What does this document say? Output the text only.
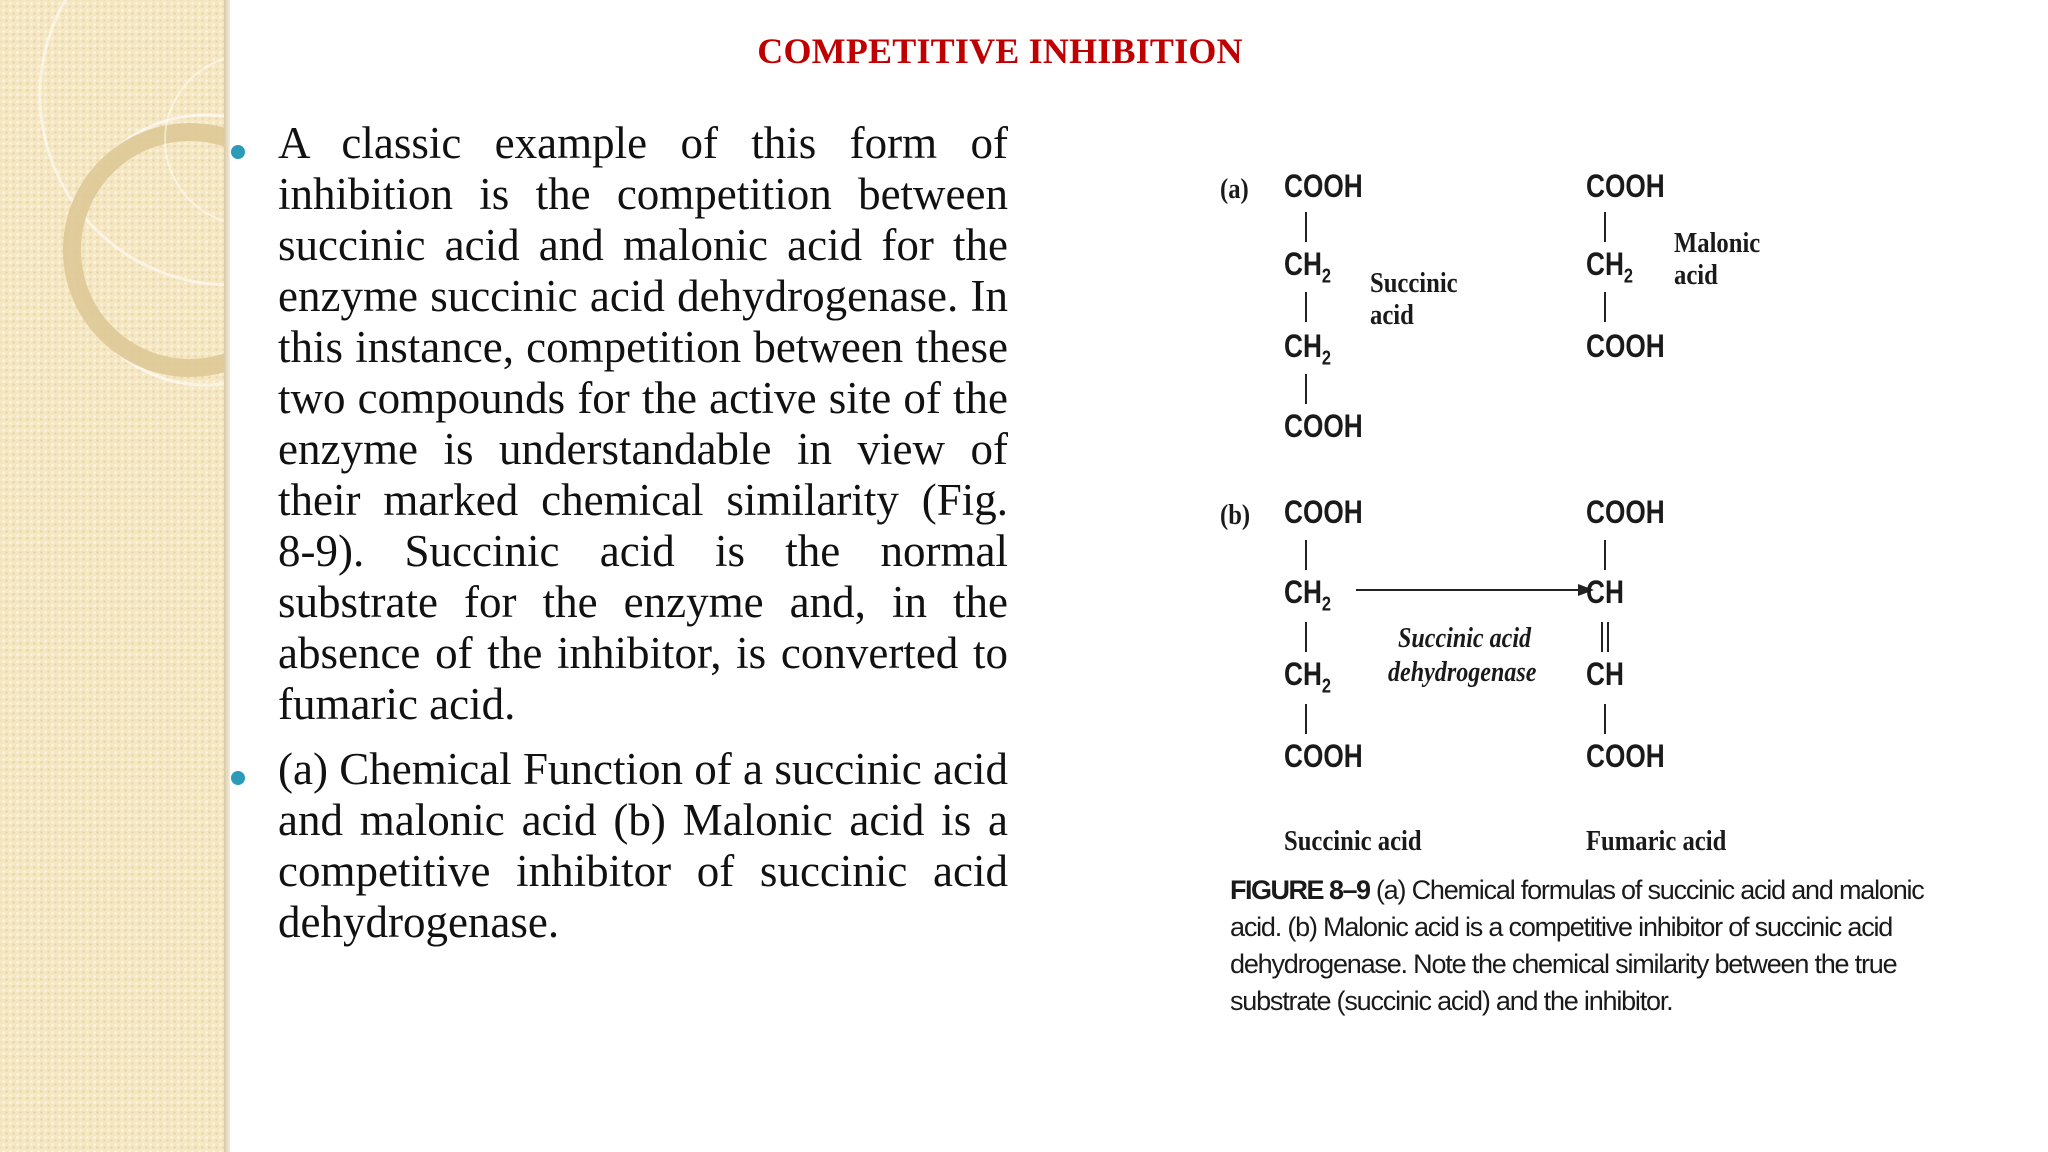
COMPETITIVE INHIBITION

A classic example of this form of inhibition is the competition between succinic acid and malonic acid for the enzyme succinic acid dehydrogenase. In this instance, competition between these two compounds for the active site of the enzyme is understandable in view of their marked chemical similarity (Fig. 8-9). Succinic acid is the normal substrate for the enzyme and, in the absence of the inhibitor, is converted to fumaric acid.

(a) Chemical Function of a succinic acid and malonic acid (b) Malonic acid is a competitive inhibitor of succinic acid dehydrogenase.

(a) COOH
$CH_2$
$CH_2$
COOH
Succinic
acid
COOH
$CH_2$
COOH
Malonic
acid
(b) COOH
$CH_2$
$CH_2$
COOH
Succinic acid
dehydrogenase
COOH
CH
CH
COOH
Succinic acid	Fumaric acid
FIGURE 8–9 (a) Chemical formulas of succinic acid and malonic acid. (b) Malonic acid is a competitive inhibitor of succinic acid dehydrogenase. Note the chemical similarity between the true substrate (succinic acid) and the inhibitor.
